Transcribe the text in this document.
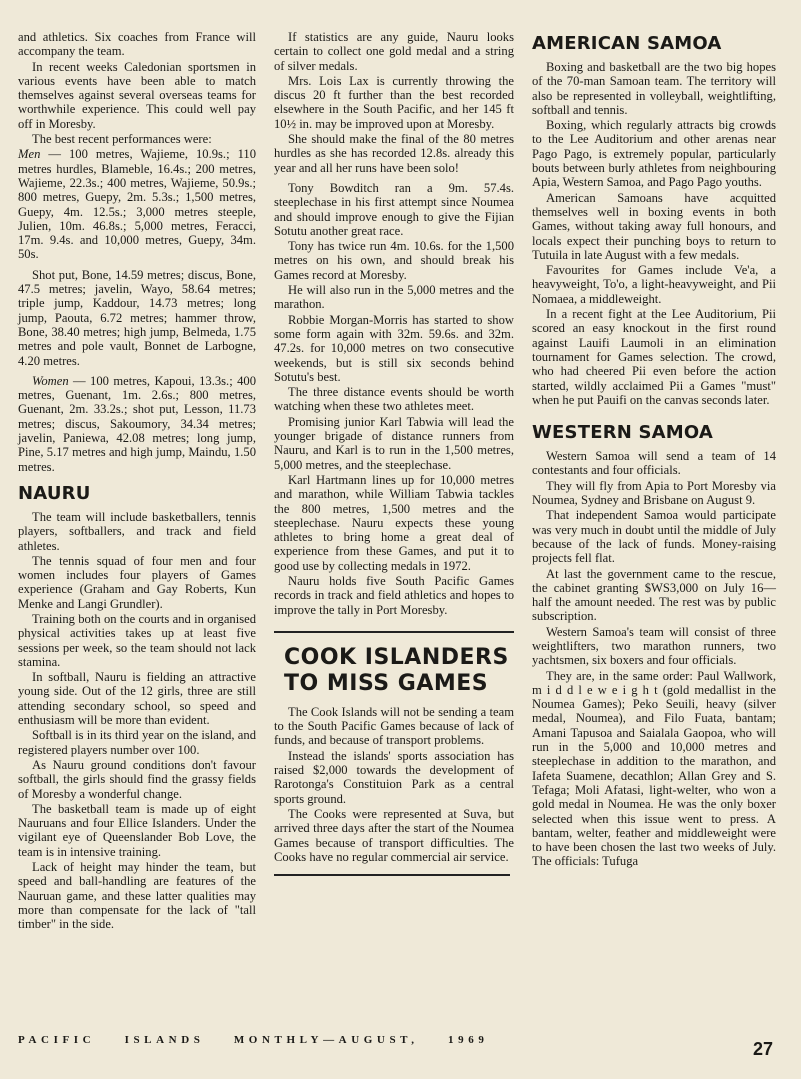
and athletics. Six coaches from France will accompany the team.

In recent weeks Caledonian sportsmen in various events have been able to match themselves against several overseas teams for worthwhile experience. This could well pay off in Moresby.

The best recent performances were:

Men — 100 metres, Wajieme, 10.9s.; 110 metres hurdles, Blameble, 16.4s.; 200 metres, Wajieme, 22.3s.; 400 metres, Wajieme, 50.9s.; 800 metres, Guepy, 2m. 5.3s.; 1,500 metres, Guepy, 4m. 12.5s.; 3,000 metres steeple, Julien, 10m. 46.8s.; 5,000 metres, Feracci, 17m. 9.4s. and 10,000 metres, Guepy, 34m. 50s.

Shot put, Bone, 14.59 metres; discus, Bone, 47.5 metres; javelin, Wayo, 58.64 metres; triple jump, Kaddour, 14.73 metres; long jump, Paouta, 6.72 metres; hammer throw, Bone, 38.40 metres; high jump, Belmeda, 1.75 metres and pole vault, Bonnet de Larbogne, 4.20 metres.

Women — 100 metres, Kapoui, 13.3s.; 400 metres, Guenant, 1m. 2.6s.; 800 metres, Guenant, 2m. 33.2s.; shot put, Lesson, 11.73 metres; discus, Sakoumory, 34.34 metres; javelin, Paniewa, 42.08 metres; long jump, Pine, 5.17 metres and high jump, Maindu, 1.50 metres.

NAURU

The team will include basketballers, tennis players, softballers, and track and field athletes.

The tennis squad of four men and four women includes four players of Games experience (Graham and Gay Roberts, Kun Menke and Langi Grundler).

Training both on the courts and in organised physical activities takes up at least five sessions per week, so the team should not lack stamina.

In softball, Nauru is fielding an attractive young side. Out of the 12 girls, three are still attending secondary school, so speed and enthusiasm will be more than evident.

Softball is in its third year on the island, and registered players number over 100.

As Nauru ground conditions don't favour softball, the girls should find the grassy fields of Moresby a wonderful change.

The basketball team is made up of eight Nauruans and four Ellice Islanders. Under the vigilant eye of Queenslander Bob Love, the team is in intensive training.

Lack of height may hinder the team, but speed and ball-handling are features of the Nauruan game, and these latter qualities may more than compensate for the lack of "tall timber" in the side.

If statistics are any guide, Nauru looks certain to collect one gold medal and a string of silver medals.

Mrs. Lois Lax is currently throwing the discus 20 ft further than the best recorded elsewhere in the South Pacific, and her 145 ft 10½ in. may be improved upon at Moresby.

She should make the final of the 80 metres hurdles as she has recorded 12.8s. already this year and all her runs have been solo!

Tony Bowditch ran a 9m. 57.4s. steeplechase in his first attempt since Noumea and should improve enough to give the Fijian Sotutu another great race.

Tony has twice run 4m. 10.6s. for the 1,500 metres on his own, and should break his Games record at Moresby.

He will also run in the 5,000 metres and the marathon.

Robbie Morgan-Morris has started to show some form again with 32m. 59.6s. and 32m. 47.2s. for 10,000 metres on two consecutive weekends, but is still six seconds behind Sotutu's best.

The three distance events should be worth watching when these two athletes meet.

Promising junior Karl Tabwia will lead the younger brigade of distance runners from Nauru, and Karl is to run in the 1,500 metres, 5,000 metres, and the steeplechase.

Karl Hartmann lines up for 10,000 metres and marathon, while William Tabwia tackles the 800 metres, 1,500 metres and the steeplechase. Nauru expects these young athletes to bring home a great deal of experience from these Games, and put it to good use by collecting medals in 1972.

Nauru holds five South Pacific Games records in track and field athletics and hopes to improve the tally in Port Moresby.

COOK ISLANDERS
TO MISS GAMES

The Cook Islands will not be sending a team to the South Pacific Games because of lack of funds, and because of transport problems.

Instead the islands' sports association has raised $2,000 towards the development of Rarotonga's Constituion Park as a central sports ground.

The Cooks were represented at Suva, but arrived three days after the start of the Noumea Games because of transport difficulties. The Cooks have no regular commercial air service.

AMERICAN SAMOA

Boxing and basketball are the two big hopes of the 70-man Samoan team. The territory will also be represented in volleyball, weightlifting, softball and tennis.

Boxing, which regularly attracts big crowds to the Lee Auditorium and other arenas near Pago Pago, is extremely popular, particularly bouts between burly athletes from neighbouring Apia, Western Samoa, and Pago Pago youths.

American Samoans have acquitted themselves well in boxing events in both Games, without taking away full honours, and locals expect their punching boys to return to Tutuila in late August with a few medals.

Favourites for Games include Ve'a, a heavyweight, To'o, a light-heavyweight, and Pii Nomaea, a middleweight.

In a recent fight at the Lee Auditorium, Pii scored an easy knockout in the first round against Lauifi Laumoli in an elimination tournament for Games selection. The crowd, who had cheered Pii even before the action started, wildly acclaimed Pii a Games "must" when he put Pauifi on the canvas seconds later.

WESTERN SAMOA

Western Samoa will send a team of 14 contestants and four officials.

They will fly from Apia to Port Moresby via Noumea, Sydney and Brisbane on August 9.

That independent Samoa would participate was very much in doubt until the middle of July because of the lack of funds. Money-raising projects fell flat.

At last the government came to the rescue, the cabinet granting $WS3,000 on July 16—half the amount needed. The rest was by public subscription.

Western Samoa's team will consist of three weightlifters, two marathon runners, two yachtsmen, six boxers and four officials.

They are, in the same order: Paul Wallwork, m i d d l e w e i g h t (gold medallist in the Noumea Games); Peko Seuili, heavy (silver medal, Noumea), and Filo Fuata, bantam; Amani Tapusoa and Saialala Gaopoa, who will run in the 5,000 and 10,000 metres and steeplechase in addition to the marathon, and Iafeta Suamene, decathlon; Allan Grey and S. Tefaga; Moli Afatasi, light-welter, who won a gold medal in Noumea. He was the only boxer selected when this issue went to press. A bantam, welter, feather and middleweight were to have been chosen the last two weeks of July. The officials: Tufuga

PACIFIC	ISLANDS	MONTHLY—AUGUST,	1969	27
